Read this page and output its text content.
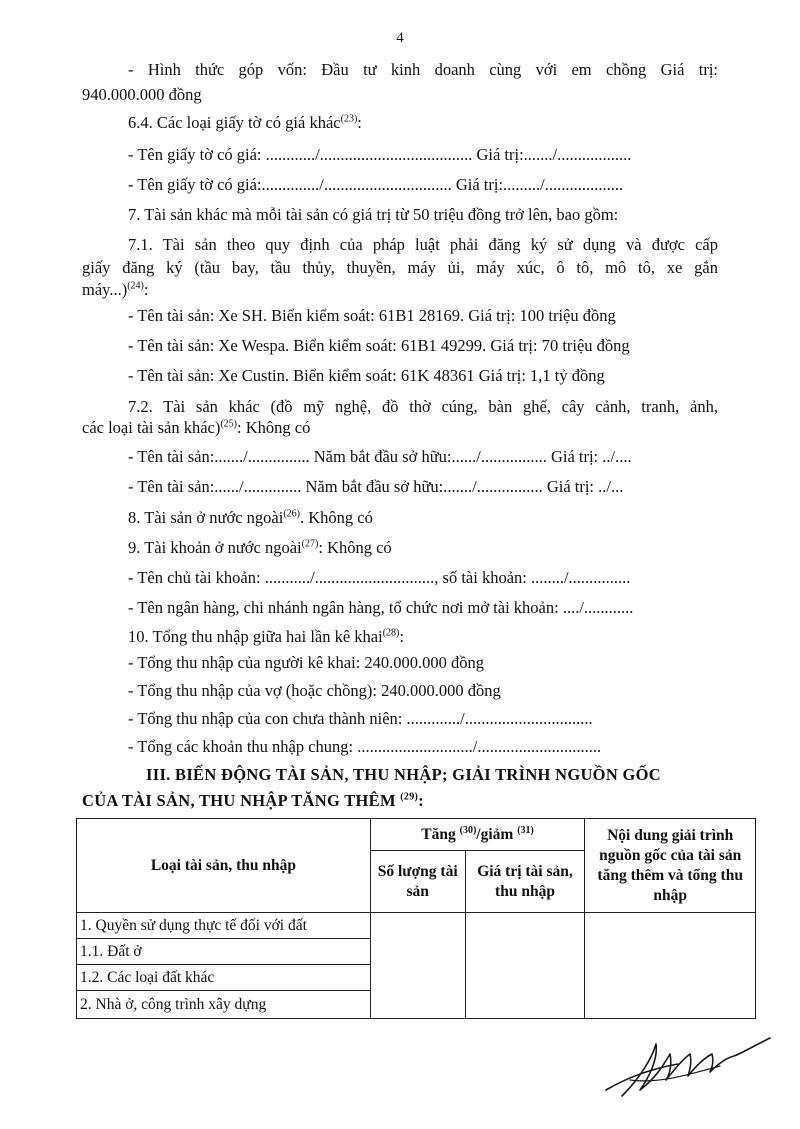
4
- Hình thức góp vốn: Đầu tư kinh doanh cùng với em chồng Giá trị:
940.000.000 đồng
6.4. Các loại giấy tờ có giá khác$^{(23)}$:
- Tên giấy tờ có giá: ............/..................................... Giá trị:......./..................
- Tên giấy tờ có giá:............../............................... Giá trị:........./...................
7. Tài sản khác mà mỗi tài sản có giá trị từ 50 triệu đồng trở lên, bao gồm:
7.1. Tài sản theo quy định của pháp luật phải đăng ký sử dụng và được cấp
giấy đăng ký (tầu bay, tầu thủy, thuyền, máy ủi, máy xúc, ô tô, mô tô, xe gắn
máy...)$^{(24)}$:
- Tên tài sản: Xe SH. Biển kiểm soát: 61B1 28169. Giá trị: 100 triệu đồng
- Tên tài sản: Xe Wespa. Biển kiểm soát: 61B1 49299. Giá trị: 70 triệu đồng
- Tên tài sản: Xe Custin. Biển kiểm soát: 61K 48361 Giá trị: 1,1 tỷ đồng
7.2. Tài sản khác (đồ mỹ nghệ, đồ thờ cúng, bàn ghế, cây cảnh, tranh, ảnh,
các loại tài sản khác)$^{(25)}$: Không có
- Tên tài sản:......./............... Năm bắt đầu sở hữu:....../................ Giá trị: ../....
- Tên tài sản:....../.............. Năm bắt đầu sở hữu:......./................ Giá trị: ../...
8. Tài sản ở nước ngoài$^{(26)}$. Không có
9. Tài khoản ở nước ngoài$^{(27)}$: Không có
- Tên chủ tài khoản: .........../............................., số tài khoản: ......../...............
- Tên ngân hàng, chi nhánh ngân hàng, tổ chức nơi mở tài khoản: ..../............
10. Tổng thu nhập giữa hai lần kê khai$^{(28)}$:
- Tổng thu nhập của người kê khai: 240.000.000 đồng
- Tổng thu nhập của vợ (hoặc chồng): 240.000.000 đồng
- Tổng thu nhập của con chưa thành niên: ............./...............................
- Tổng các khoản thu nhập chung: ............................/..............................
III. BIẾN ĐỘNG TÀI SẢN, THU NHẬP; GIẢI TRÌNH NGUỒN GỐC
CỦA TÀI SẢN, THU NHẬP TĂNG THÊM $^{(29)}$:
Loại tài sản, thu nhập	Tăng $^{(30)}$/giảm $^{(31)}$		Nội dung giải trình nguồn gốc của tài sản tăng thêm và tổng thu nhập
	Số lượng tài sản	Giá trị tài sản, thu nhập	
1. Quyền sử dụng thực tế đối với đất			
1.1. Đất ở			
1.2. Các loại đất khác			
2. Nhà ở, công trình xây dựng			
